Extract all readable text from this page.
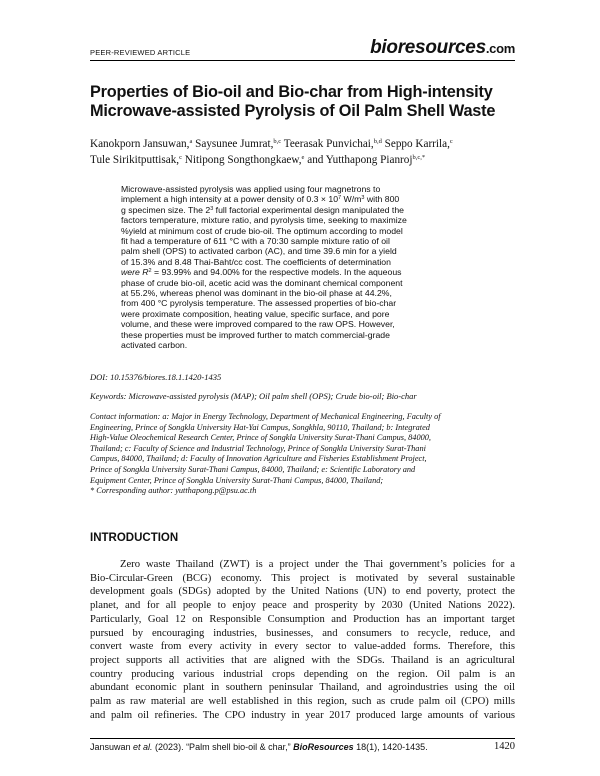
PEER-REVIEWED ARTICLE	bioresources.com
Properties of Bio-oil and Bio-char from High-intensity
Microwave-assisted Pyrolysis of Oil Palm Shell Waste
Kanokporn Jansuwan,$^a$ Saysunee Jumrat,$^{b,c}$ Teerasak Punvichai,$^{b,d}$ Seppo Karrila,$^c$
Tule Sirikitputtisak,$^c$ Nitipong Songthongkaew,$^e$ and Yutthapong Pianroj$^{b,c,*}$
Microwave-assisted pyrolysis was applied using four magnetrons to
implement a high intensity at a power density of $0.3 \times 10^7$ $W/m^3$ with 800
g specimen size. The $2^3$ full factorial experimental design manipulated the
factors temperature, mixture ratio, and pyrolysis time, seeking to maximize
%yield at minimum cost of crude bio-oil. The optimum according to model
fit had a temperature of 611 °C with a 70:30 sample mixture ratio of oil
palm shell (OPS) to activated carbon (AC), and time 39.6 min for a yield
of 15.3% and 8.48 Thai-Baht/cc cost. The coefficients of determination
were $R^2 = 93.99\%$ and 94.00% for the respective models. In the aqueous
phase of crude bio-oil, acetic acid was the dominant chemical component
at 55.2%, whereas phenol was dominant in the bio-oil phase at 44.2%,
from 400 °C pyrolysis temperature. The assessed properties of bio-char
were proximate composition, heating value, specific surface, and pore
volume, and these were improved compared to the raw OPS. However,
these properties must be improved further to match commercial-grade
activated carbon.
DOI: 10.15376/biores.18.1.1420-1435
Keywords: Microwave-assisted pyrolysis (MAP); Oil palm shell (OPS); Crude bio-oil; Bio-char
Contact information: a: Major in Energy Technology, Department of Mechanical Engineering, Faculty of
Engineering, Prince of Songkla University Hat-Yai Campus, Songkhla, 90110, Thailand; b: Integrated
High-Value Oleochemical Research Center, Prince of Songkla University Surat-Thani Campus, 84000,
Thailand; c: Faculty of Science and Industrial Technology, Prince of Songkla University Surat-Thani
Campus, 84000, Thailand; d: Faculty of Innovation Agriculture and Fisheries Establishment Project,
Prince of Songkla University Surat-Thani Campus, 84000, Thailand; e: Scientific Laboratory and
Equipment Center, Prince of Songkla University Surat-Thani Campus, 84000, Thailand;
* Corresponding author: yutthapong.p@psu.ac.th
INTRODUCTION
Zero waste Thailand (ZWT) is a project under the Thai government’s policies for a
Bio-Circular-Green (BCG) economy. This project is motivated by several sustainable
development goals (SDGs) adopted by the United Nations (UN) to end poverty, protect the
planet, and for all people to enjoy peace and prosperity by 2030 (United Nations 2022).
Particularly, Goal 12 on Responsible Consumption and Production has an important target
pursued by encouraging industries, businesses, and consumers to recycle, reduce, and
convert waste from every activity in every sector to value-added forms. Therefore, this
project supports all activities that are aligned with the SDGs. Thailand is an agricultural
country producing various industrial crops depending on the region. Oil palm is an
abundant economic plant in southern peninsular Thailand, and agroindustries using the oil
palm as raw material are well established in this region, such as crude palm oil (CPO) mills
and palm oil refineries. The CPO industry in year 2017 produced large amounts of various
Jansuwan et al. (2023). “Palm shell bio-oil & char,” BioResources 18(1), 1420-1435.	1420
